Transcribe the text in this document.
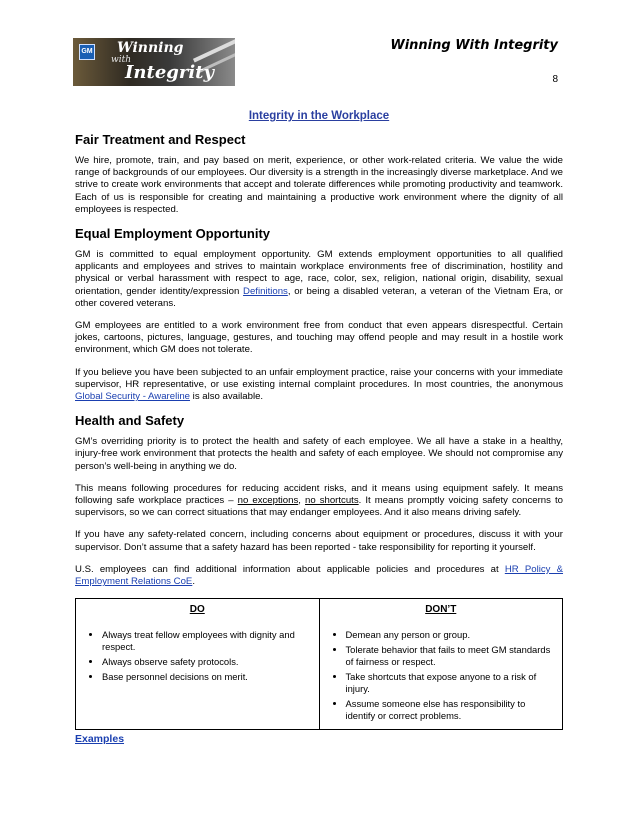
GM Winning
with
Integrity
Winning With Integrity
8
Integrity in the Workplace
Fair Treatment and Respect

We hire, promote, train, and pay based on merit, experience, or other work-related criteria. We value the wide range of backgrounds of our employees. Our diversity is a strength in the increasingly diverse marketplace. And we strive to create work environments that accept and tolerate differences while promoting productivity and teamwork. Each of us is responsible for creating and maintaining a productive work environment where the dignity of all employees is respected.

Equal Employment Opportunity

GM is committed to equal employment opportunity. GM extends employment opportunities to all qualified applicants and employees and strives to maintain workplace environments free of discrimination, hostility and physical or verbal harassment with respect to age, race, color, sex, religion, national origin, disability, sexual orientation, gender identity/expression Definitions, or being a disabled veteran, a veteran of the Vietnam Era, or other covered veterans.

GM employees are entitled to a work environment free from conduct that even appears disrespectful. Certain jokes, cartoons, pictures, language, gestures, and touching may offend people and may result in a hostile work environment, which GM does not tolerate.

If you believe you have been subjected to an unfair employment practice, raise your concerns with your immediate supervisor, HR representative, or use existing internal complaint procedures. In most countries, the anonymous Global Security - Awareline is also available.

Health and Safety

GM’s overriding priority is to protect the health and safety of each employee. We all have a stake in a healthy, injury-free work environment that protects the health and safety of each employee. We should not compromise any person’s well-being in anything we do.

This means following procedures for reducing accident risks, and it means using equipment safely. It means following safe workplace practices – no exceptions, no shortcuts. It means promptly voicing safety concerns to supervisors, so we can correct situations that may endanger employees. And it also means driving safely.

If you have any safety-related concern, including concerns about equipment or procedures, discuss it with your supervisor. Don’t assume that a safety hazard has been reported - take responsibility for reporting it yourself.

U.S. employees can find additional information about applicable policies and procedures at HR Policy & Employment Relations CoE.

DO
• Always treat fellow employees with dignity and respect.
• Always observe safety protocols.
• Base personnel decisions on merit.

DON’T
• Demean any person or group.
• Tolerate behavior that fails to meet GM standards of fairness or respect.
• Take shortcuts that expose anyone to a risk of injury.
• Assume someone else has responsibility to identify or correct problems.
Examples
